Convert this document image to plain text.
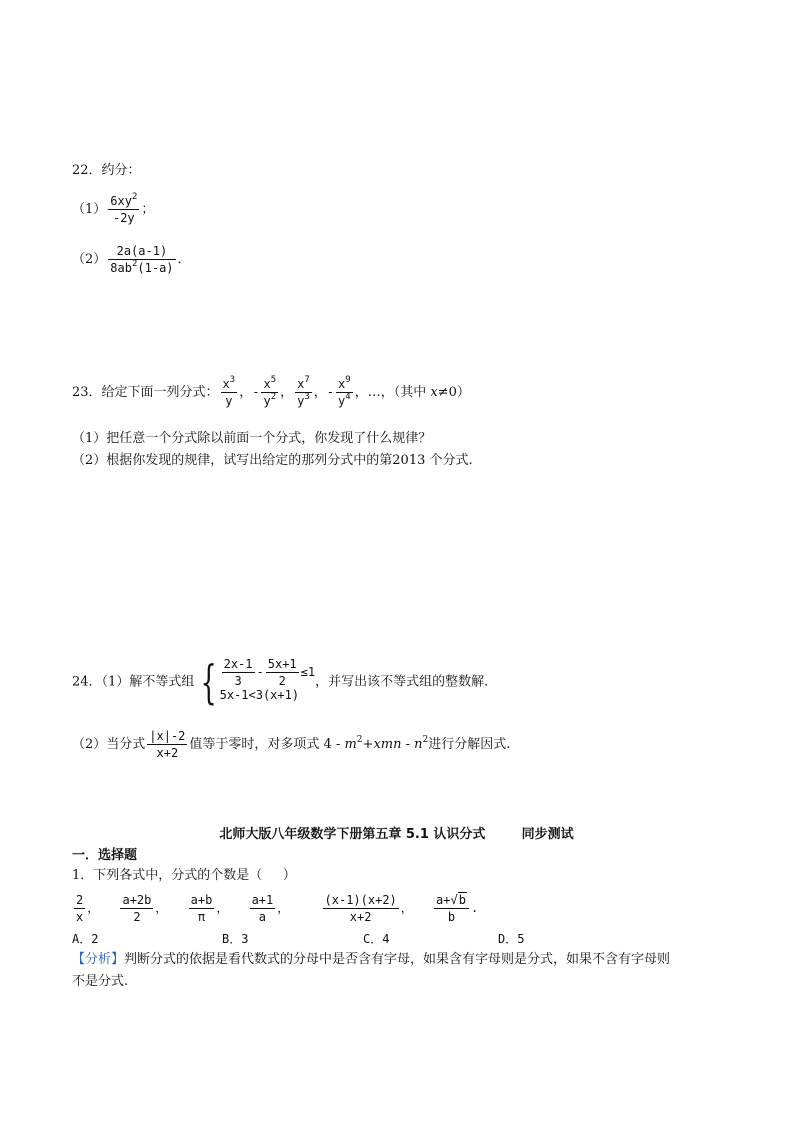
22．约分：
$(1) \frac{6xy^2}{-2y}$ ；
$(2) \frac{2a(a-1)}{8ab^2(1-a)}$ ．
23．给定下面一列分式： $\frac{x^3}{y}$ ，- $\frac{x^5}{y^2}$ ， $\frac{x^7}{y^3}$ ，- $\frac{x^9}{y^4}$ ，…，（其中 x≠0）
（1）把任意一个分式除以前面一个分式，你发现了什么规律？
（2）根据你发现的规律，试写出给定的那列分式中的第2013 个分式.
24．（1）解不等式组 { $\frac{2x-1}{3} - \frac{5x+1}{2} \le 1$
5x-1<3(x+1)
，并写出该不等式组的整数解.
（2）当分式 $\frac{|x|-2}{x+2}$ 值等于零时，对多项式 $4 - m^2+xmn - n^2$进行分解因式.
北师大版八年级数学下册第五章 5.1 认识分式        同步测试
一．选择题
1．下列各式中，分式的个数是（     ）
$\frac{2}{x}$ ， $\frac{a+2b}{2}$ ， $\frac{a+b}{\pi}$ ， $\frac{a+1}{a}$ ，	$\frac{(x-1)(x+2)}{x+2}$ ， $\frac{a+√b}{b}$ .
A．2	B．3	C．4	D．5
【分析】判断分式的依据是看代数式的分母中是否含有字母，如果含有字母则是分式，如果不含有字母则
不是分式.
